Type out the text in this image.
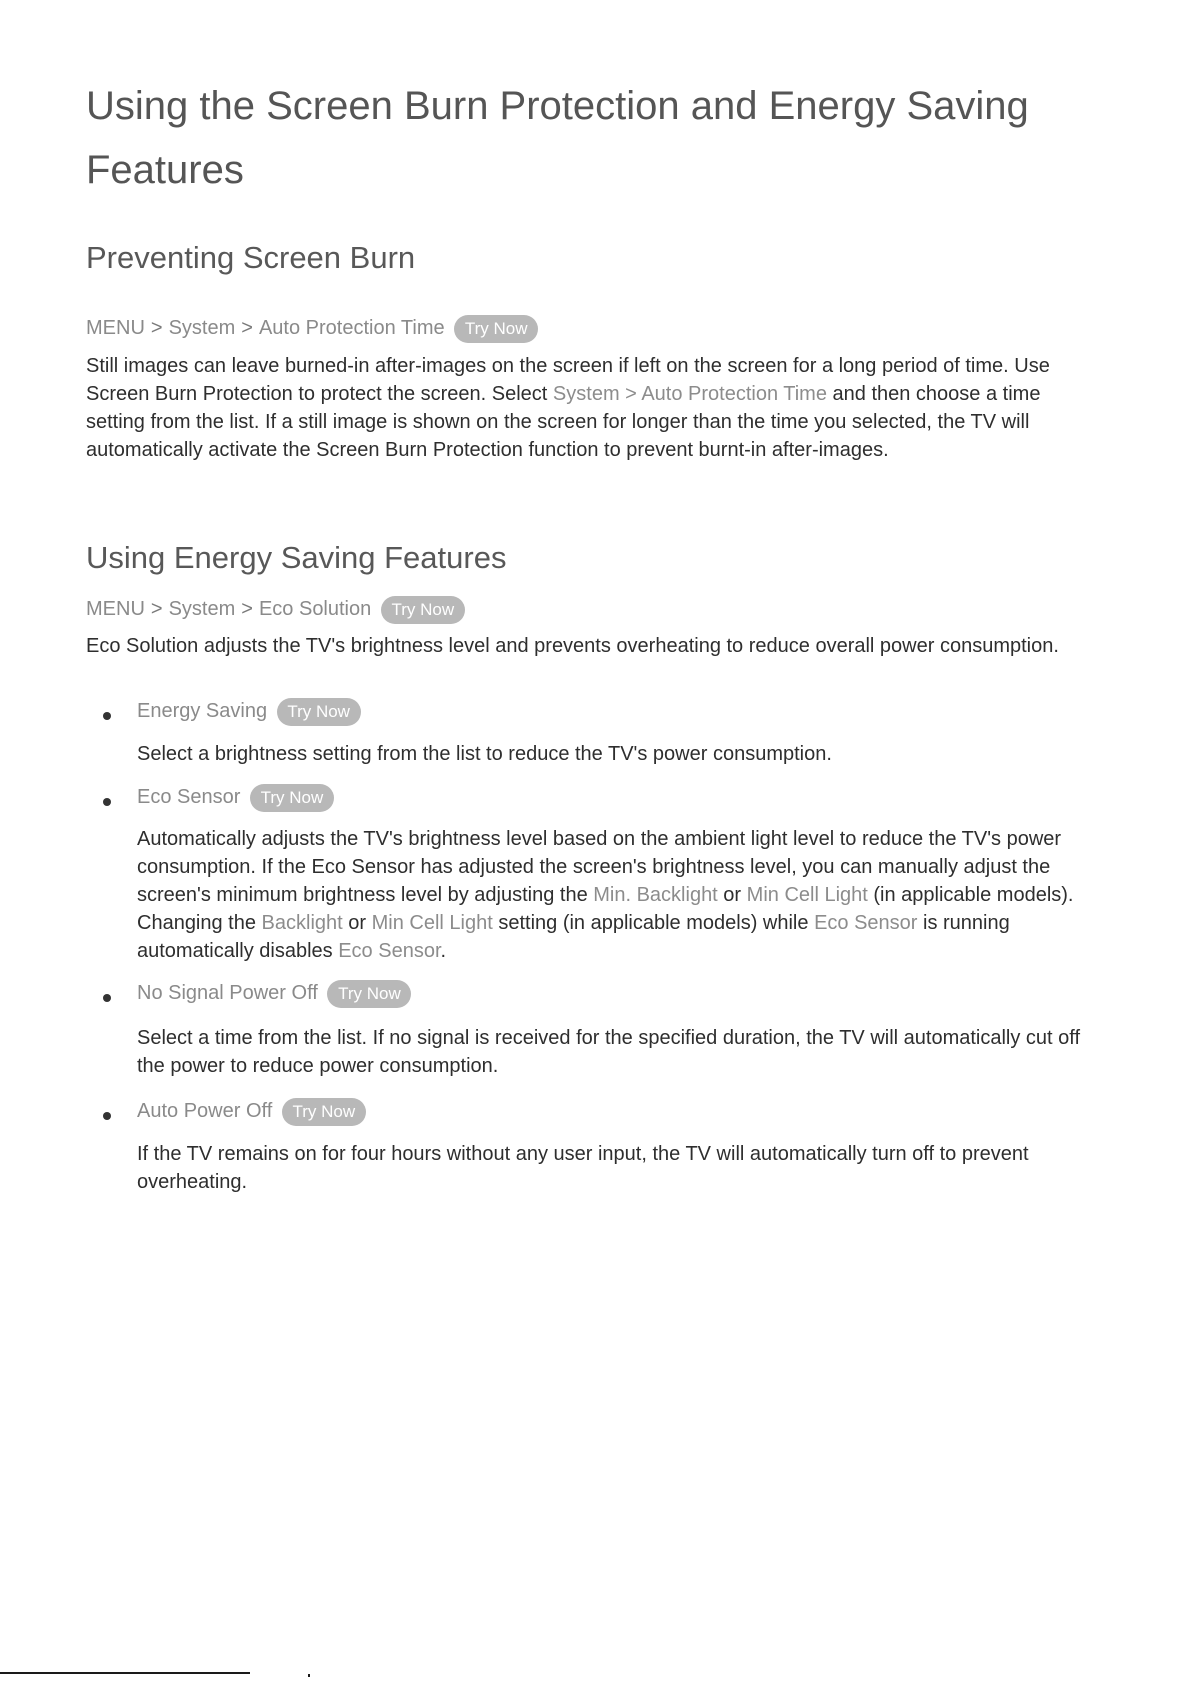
Using the Screen Burn Protection and Energy Saving Features
Preventing Screen Burn
MENU > System > Auto Protection Time Try Now

Still images can leave burned-in after-images on the screen if left on the screen for a long period of time. Use Screen Burn Protection to protect the screen. Select System > Auto Protection Time and then choose a time setting from the list. If a still image is shown on the screen for longer than the time you selected, the TV will automatically activate the Screen Burn Protection function to prevent burnt-in after-images.

Using Energy Saving Features
MENU > System > Eco Solution Try Now

Eco Solution adjusts the TV's brightness level and prevents overheating to reduce overall power consumption.

Energy Saving Try Now

Select a brightness setting from the list to reduce the TV's power consumption.

Eco Sensor Try Now

Automatically adjusts the TV's brightness level based on the ambient light level to reduce the TV's power consumption. If the Eco Sensor has adjusted the screen's brightness level, you can manually adjust the screen's minimum brightness level by adjusting the Min. Backlight or Min Cell Light (in applicable models). Changing the Backlight or Min Cell Light setting (in applicable models) while Eco Sensor is running automatically disables Eco Sensor.

No Signal Power Off Try Now

Select a time from the list. If no signal is received for the specified duration, the TV will automatically cut off the power to reduce power consumption.

Auto Power Off Try Now

If the TV remains on for four hours without any user input, the TV will automatically turn off to prevent overheating.
